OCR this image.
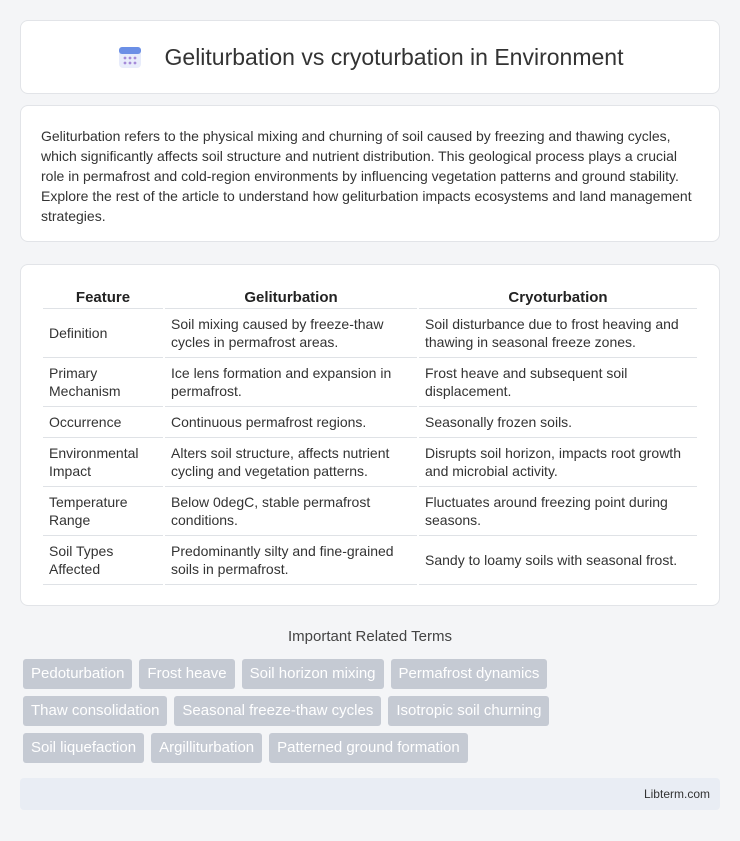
Geliturbation vs cryoturbation in Environment

Geliturbation refers to the physical mixing and churning of soil caused by freezing and thawing cycles, which significantly affects soil structure and nutrient distribution. This geological process plays a crucial role in permafrost and cold-region environments by influencing vegetation patterns and ground stability. Explore the rest of the article to understand how geliturbation impacts ecosystems and land management strategies.

Feature	Geliturbation	Cryoturbation
Definition	Soil mixing caused by freeze-thaw cycles in permafrost areas.	Soil disturbance due to frost heaving and thawing in seasonal freeze zones.
Primary Mechanism	Ice lens formation and expansion in permafrost.	Frost heave and subsequent soil displacement.
Occurrence	Continuous permafrost regions.	Seasonally frozen soils.
Environmental Impact	Alters soil structure, affects nutrient cycling and vegetation patterns.	Disrupts soil horizon, impacts root growth and microbial activity.
Temperature Range	Below 0degC, stable permafrost conditions.	Fluctuates around freezing point during seasons.
Soil Types Affected	Predominantly silty and fine-grained soils in permafrost.	Sandy to loamy soils with seasonal frost.
Important Related Terms
Pedoturbation	Frost heave	Soil horizon mixing	Permafrost dynamics
Thaw consolidation	Seasonal freeze-thaw cycles	Isotropic soil churning
Soil liquefaction	Argilliturbation	Patterned ground formation
Libterm.com
